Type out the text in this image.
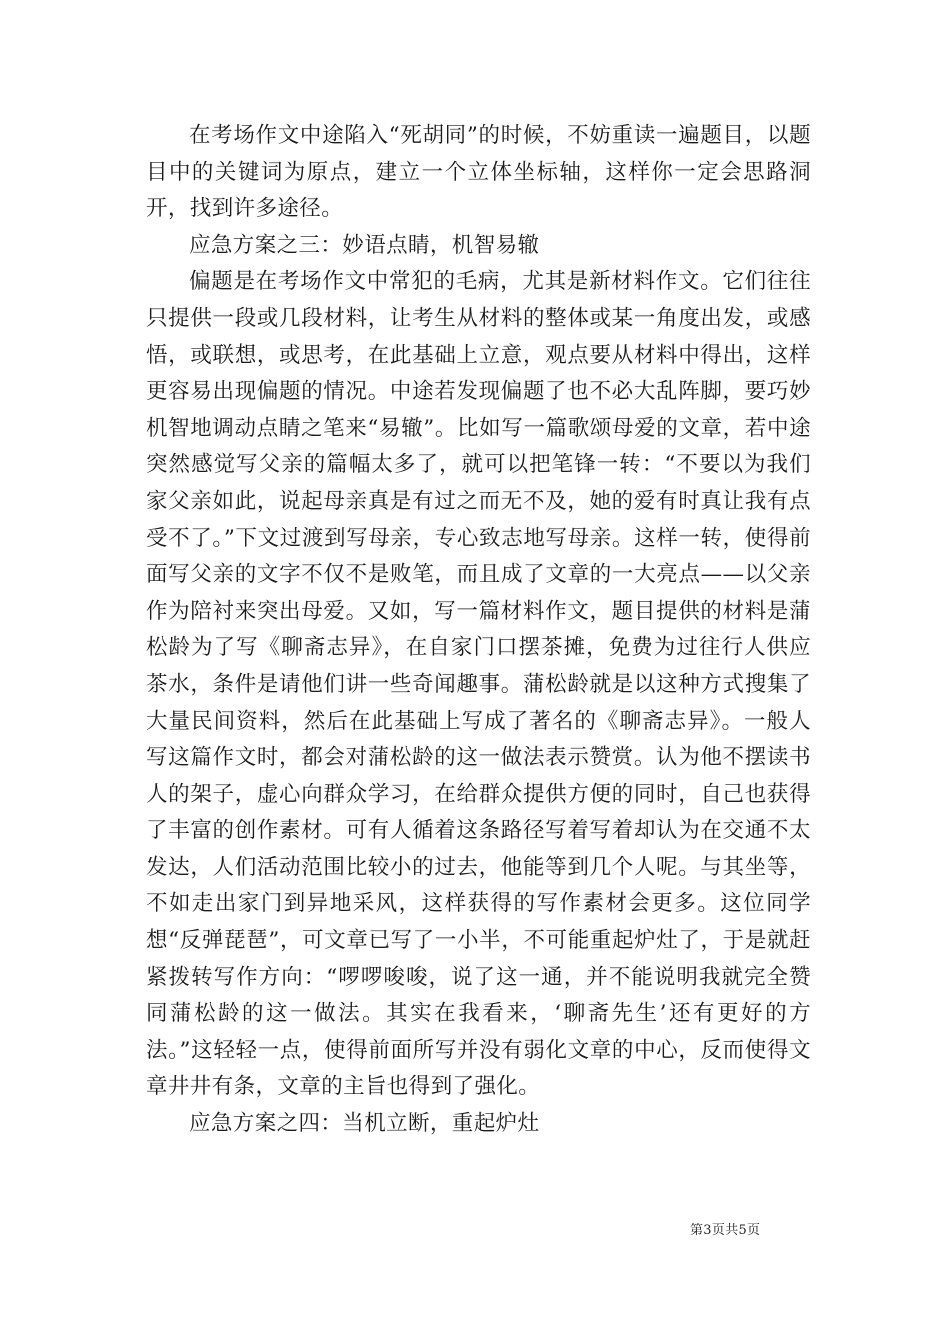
在考场作文中途陷入“死胡同”的时候，不妨重读一遍题目，以题目中的关键词为原点，建立一个立体坐标轴，这样你一定会思路洞开，找到许多途径。

应急方案之三：妙语点睛，机智易辙

偏题是在考场作文中常犯的毛病，尤其是新材料作文。它们往往只提供一段或几段材料，让考生从材料的整体或某一角度出发，或感悟，或联想，或思考，在此基础上立意，观点要从材料中得出，这样更容易出现偏题的情况。中途若发现偏题了也不必大乱阵脚，要巧妙机智地调动点睛之笔来“易辙”。比如写一篇歌颂母爱的文章，若中途突然感觉写父亲的篇幅太多了，就可以把笔锋一转：“不要以为我们家父亲如此，说起母亲真是有过之而无不及，她的爱有时真让我有点受不了。”下文过渡到写母亲，专心致志地写母亲。这样一转，使得前面写父亲的文字不仅不是败笔，而且成了文章的一大亮点——以父亲作为陪衬来突出母爱。又如，写一篇材料作文，题目提供的材料是蒲松龄为了写《聊斋志异》，在自家门口摆茶摊，免费为过往行人供应茶水，条件是请他们讲一些奇闻趣事。蒲松龄就是以这种方式搜集了大量民间资料，然后在此基础上写成了著名的《聊斋志异》。一般人写这篇作文时，都会对蒲松龄的这一做法表示赞赏。认为他不摆读书人的架子，虚心向群众学习，在给群众提供方便的同时，自己也获得了丰富的创作素材。可有人循着这条路径写着写着却认为在交通不太发达，人们活动范围比较小的过去，他能等到几个人呢。与其坐等，不如走出家门到异地采风，这样获得的写作素材会更多。这位同学想“反弹琵琶”，可文章已写了一小半，不可能重起炉灶了，于是就赶紧拨转写作方向：“啰啰唆唆，说了这一通，并不能说明我就完全赞同蒲松龄的这一做法。其实在我看来，‘聊斋先生’还有更好的方法。”这轻轻一点，使得前面所写并没有弱化文章的中心，反而使得文章井井有条，文章的主旨也得到了强化。

应急方案之四：当机立断，重起炉灶

第3页共5页
